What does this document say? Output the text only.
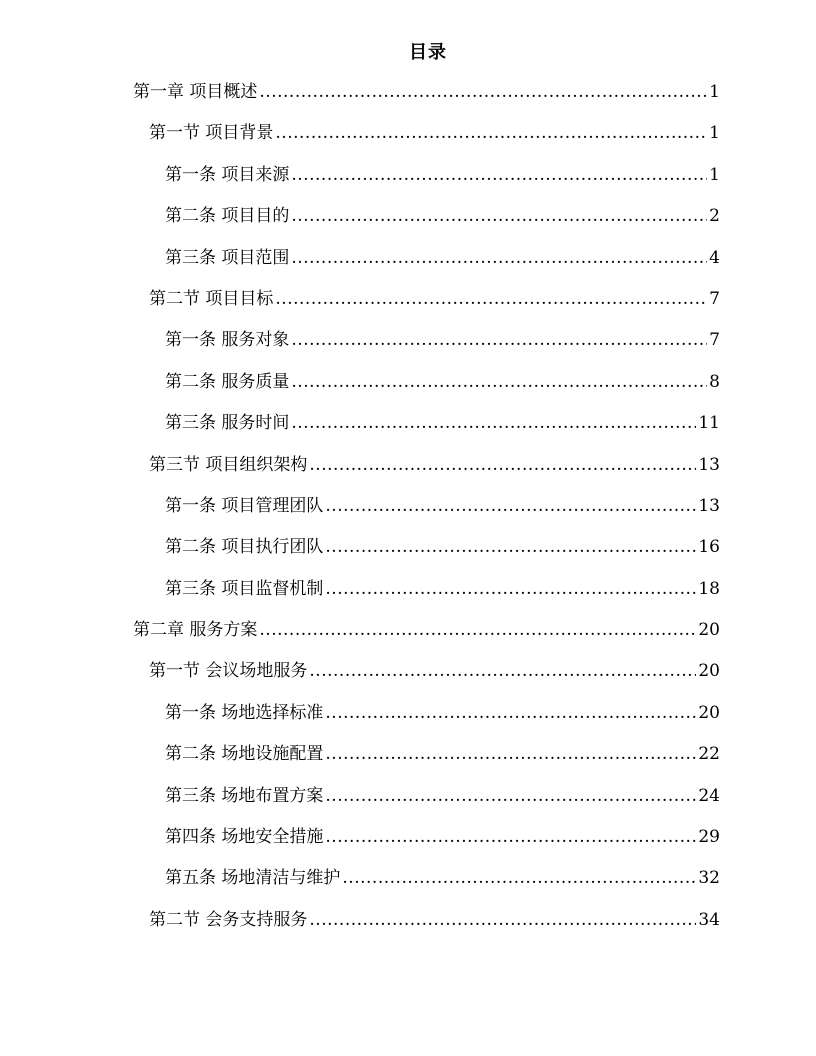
目录
第一章 项目概述 .....	1
第一节 项目背景 .....	1
第一条 项目来源 .....	1
第二条 项目目的 .....	2
第三条 项目范围 .....	4
第二节 项目目标 .....	7
第一条 服务对象 .....	7
第二条 服务质量 .....	8
第三条 服务时间 .....	11
第三节 项目组织架构 .....	13
第一条 项目管理团队 .....	13
第二条 项目执行团队 .....	16
第三条 项目监督机制 .....	18
第二章 服务方案 .....	20
第一节 会议场地服务 .....	20
第一条 场地选择标准 .....	20
第二条 场地设施配置 .....	22
第三条 场地布置方案 .....	24
第四条 场地安全措施 .....	29
第五条 场地清洁与维护 .....	32
第二节 会务支持服务 .....	34
